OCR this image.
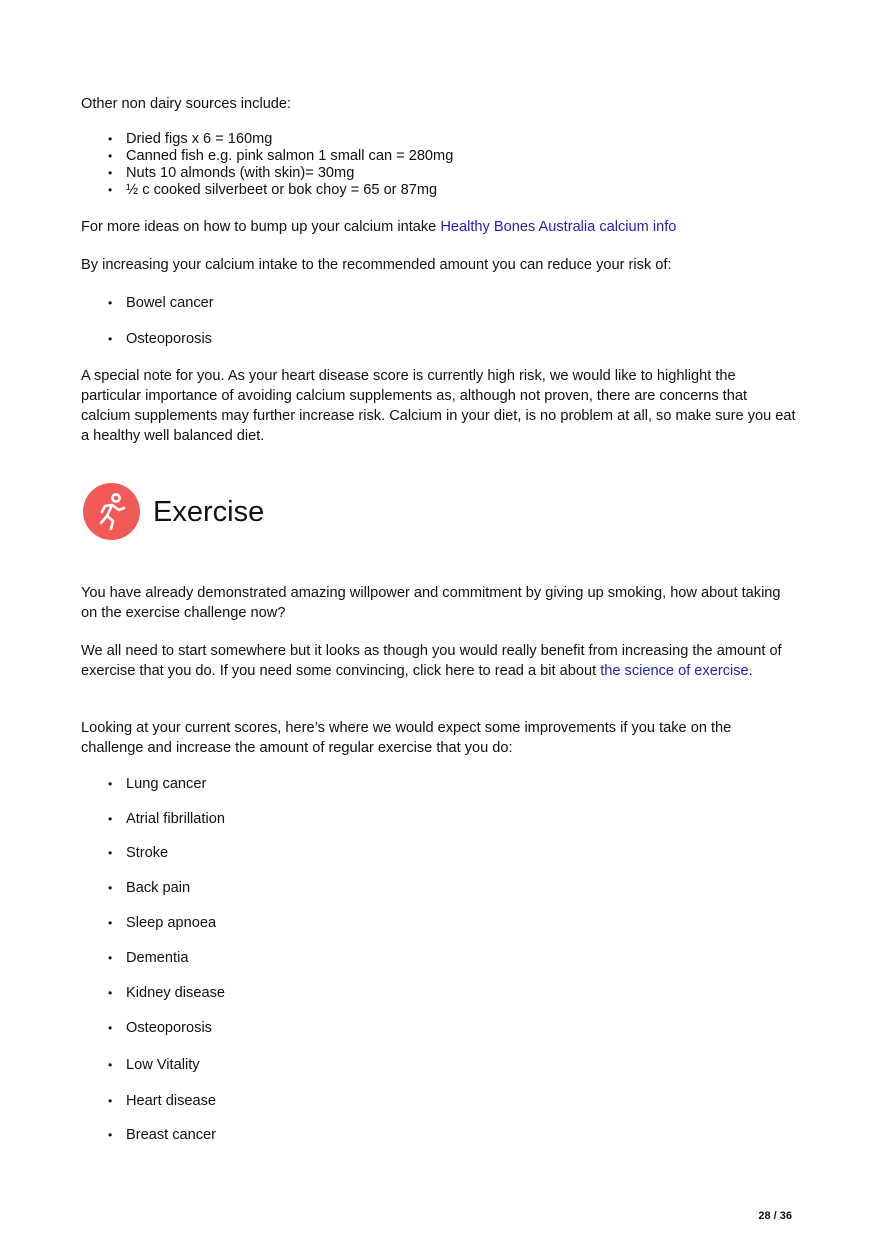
Other non dairy sources include:

• Dried figs x 6 = 160mg
• Canned fish e.g. pink salmon 1 small can = 280mg
• Nuts 10 almonds (with skin)= 30mg
• ½ c cooked silverbeet or bok choy = 65 or 87mg

For more ideas on how to bump up your calcium intake Healthy Bones Australia calcium info

By increasing your calcium intake to the recommended amount you can reduce your risk of:

• Bowel cancer
• Osteoporosis

A special note for you. As your heart disease score is currently high risk, we would like to highlight the particular importance of avoiding calcium supplements as, although not proven, there are concerns that calcium supplements may further increase risk. Calcium in your diet, is no problem at all, so make sure you eat a healthy well balanced diet.

Exercise

You have already demonstrated amazing willpower and commitment by giving up smoking, how about taking on the exercise challenge now?

We all need to start somewhere but it looks as though you would really benefit from increasing the amount of exercise that you do. If you need some convincing, click here to read a bit about the science of exercise.

Looking at your current scores, here’s where we would expect some improvements if you take on the challenge and increase the amount of regular exercise that you do:

• Lung cancer
• Atrial fibrillation
• Stroke
• Back pain
• Sleep apnoea
• Dementia
• Kidney disease
• Osteoporosis
• Low Vitality
• Heart disease
• Breast cancer
28 / 36
